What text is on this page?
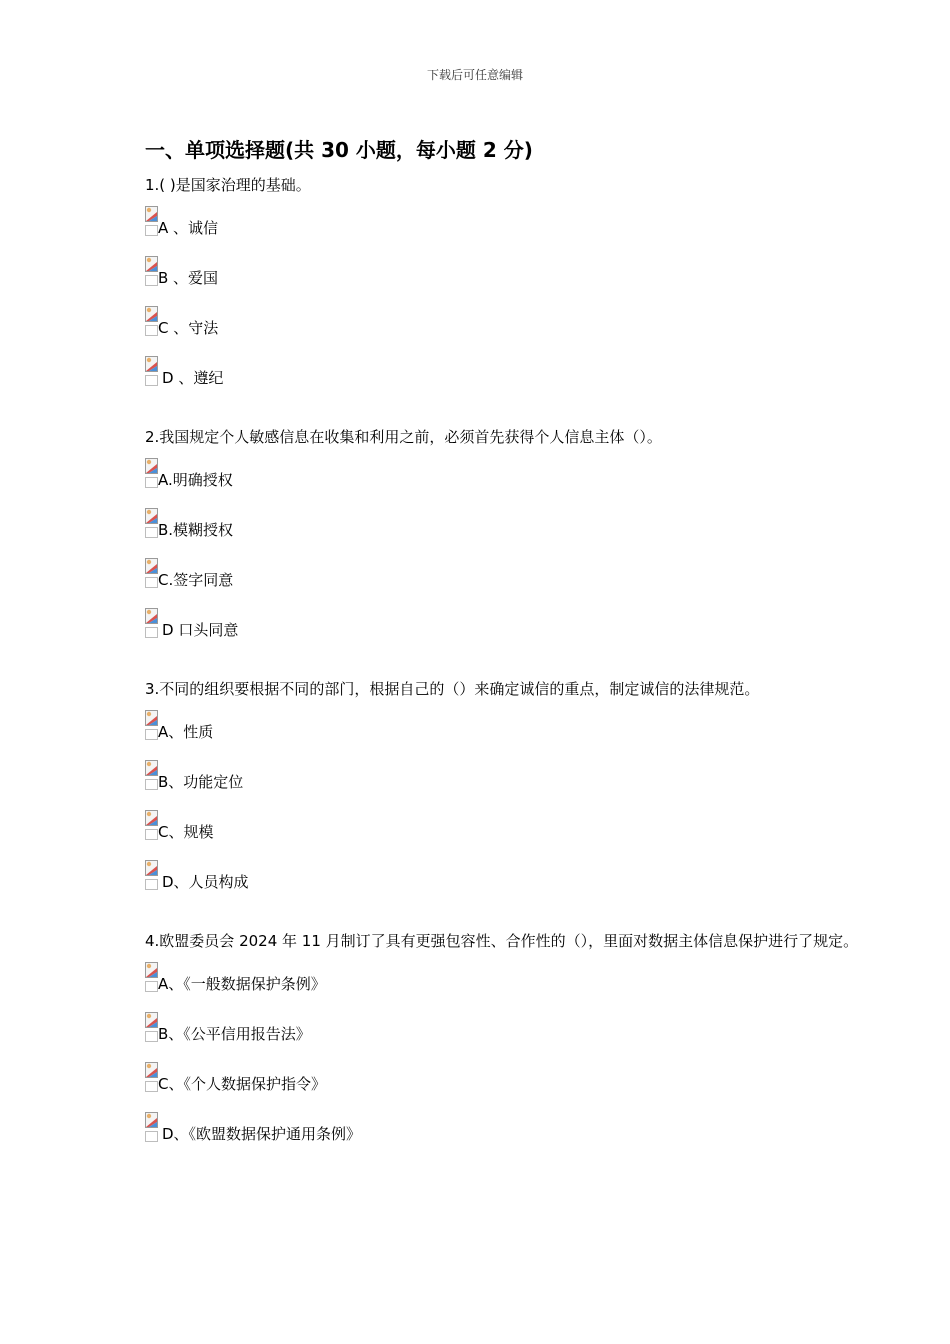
下载后可任意编辑
一、单项选择题(共 30 小题，每小题 2 分)
1.( )是国家治理的基础。
A 、诚信
B 、爱国
C 、守法
D 、遵纪
2.我国规定个人敏感信息在收集和利用之前，必须首先获得个人信息主体（）。
A.明确授权
B.模糊授权
C.签字同意
D 口头同意
3.不同的组织要根据不同的部门，根据自己的（）来确定诚信的重点，制定诚信的法律规范。
A、性质
B、功能定位
C、规模
D、人员构成
4.欧盟委员会 2024 年 11 月制订了具有更强包容性、合作性的（），里面对数据主体信息保护进行了规定。
A、《一般数据保护条例》
B、《公平信用报告法》
C、《个人数据保护指令》
D、《欧盟数据保护通用条例》
